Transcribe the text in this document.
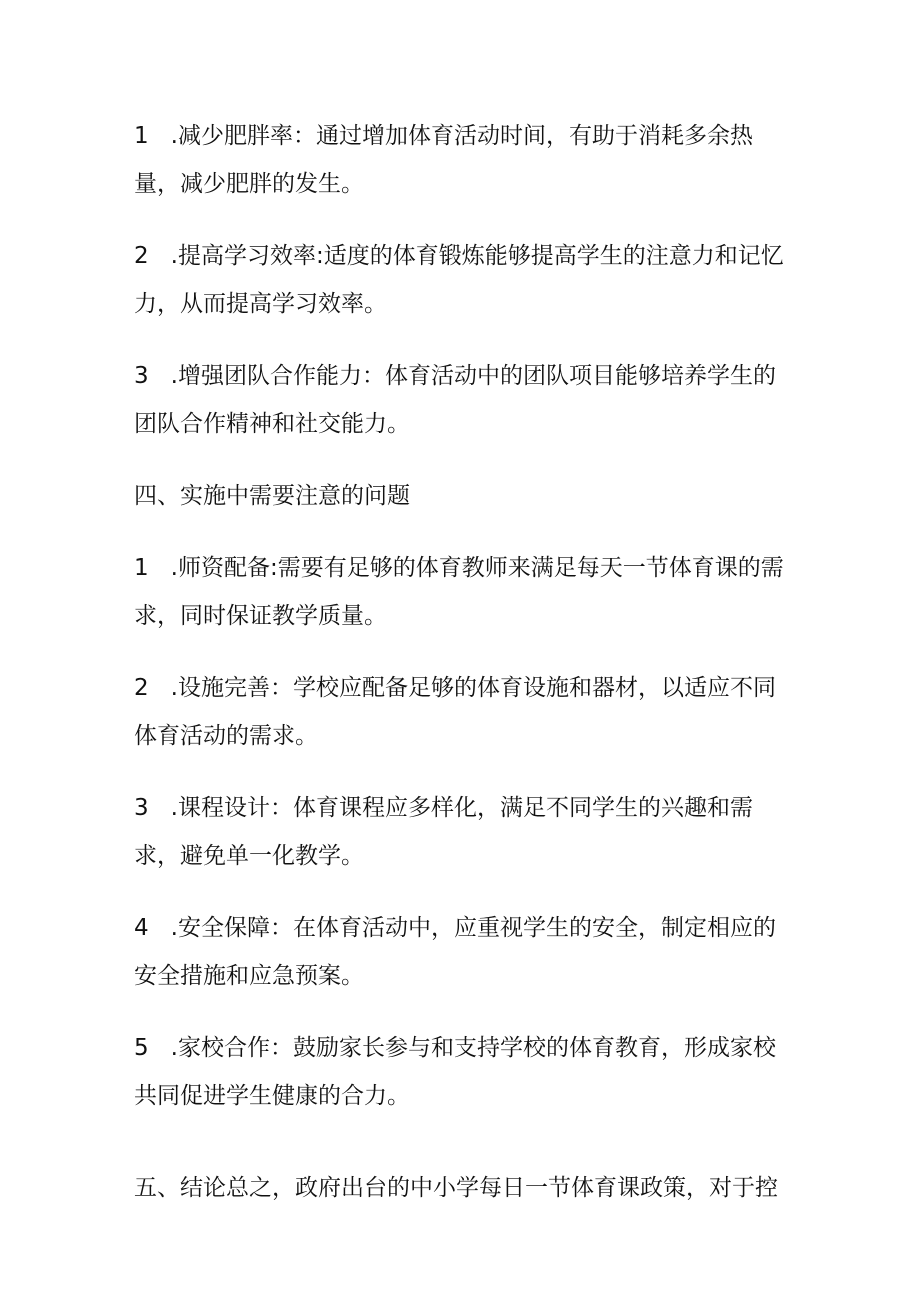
1 .减少肥胖率：通过增加体育活动时间，有助于消耗多余热量，减少肥胖的发生。

2 .提高学习效率:适度的体育锻炼能够提高学生的注意力和记忆力，从而提高学习效率。

3 .增强团队合作能力：体育活动中的团队项目能够培养学生的团队合作精神和社交能力。

四、实施中需要注意的问题

1 .师资配备:需要有足够的体育教师来满足每天一节体育课的需求，同时保证教学质量。

2 .设施完善：学校应配备足够的体育设施和器材，以适应不同体育活动的需求。

3 .课程设计：体育课程应多样化，满足不同学生的兴趣和需求，避免单一化教学。

4 .安全保障：在体育活动中，应重视学生的安全，制定相应的安全措施和应急预案。

5 .家校合作：鼓励家长参与和支持学校的体育教育，形成家校共同促进学生健康的合力。

五、结论总之，政府出台的中小学每日一节体育课政策，对于控
